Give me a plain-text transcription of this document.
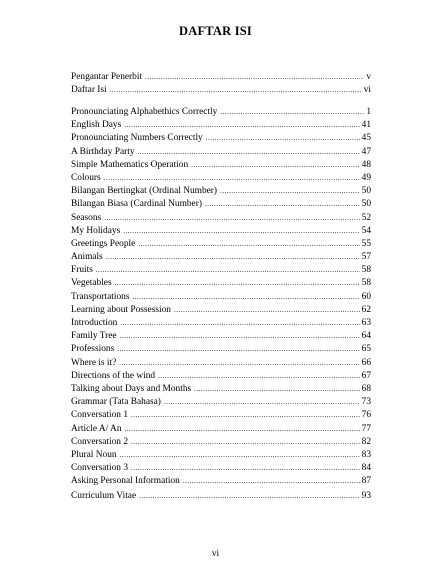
DAFTAR ISI
Pengantar Penerbit .....	v
Daftar Isi .....	vi
Pronounciating Alphabethics Correctly .....	1
English Days .....	41
Pronounciating Numbers Correctly .....	45
A Birthday Party .....	47
Simple Mathematics Operation .....	48
Colours .....	49
Bilangan Bertingkat (Ordinal Number) .....	50
Bilangan Biasa (Cardinal Number) .....	50
Seasons .....	52
My Holidays .....	54
Greetings People .....	55
Animals .....	57
Fruits .....	58
Vegetables .....	58
Transportations .....	60
Learning about Possession .....	62
Introduction .....	63
Family Tree .....	64
Professions .....	65
Where is it? .....	66
Directions of the wind .....	67
Talking about Days and Months .....	68
Grammar (Tata Bahasa) .....	73
Conversation 1 .....	76
Article A/ An .....	77
Conversation 2 .....	82
Plural Noun .....	83
Conversation 3 .....	84
Asking Personal Information .....	87
Curriculum Vitae .....	93
vi
